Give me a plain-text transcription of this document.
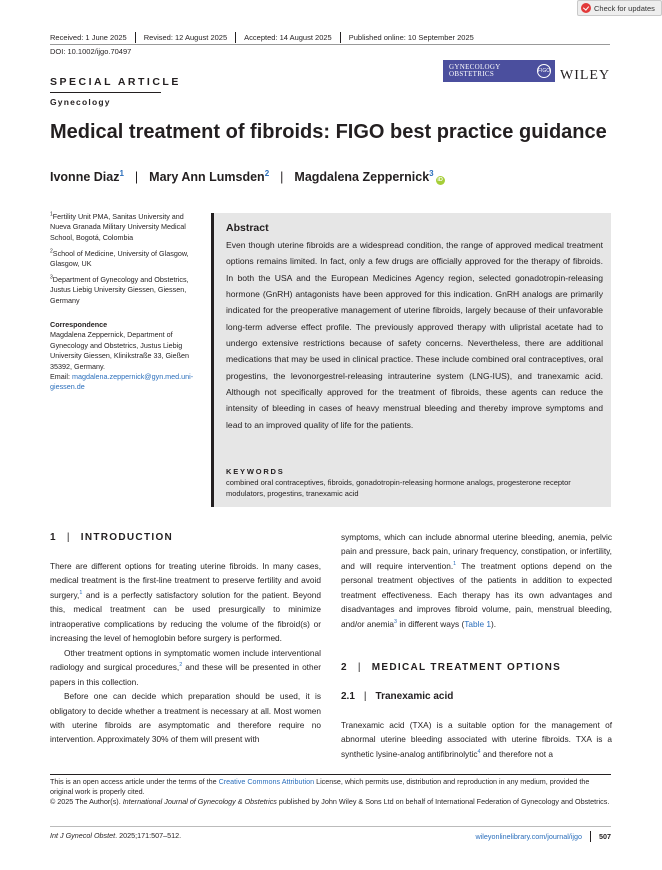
Check for updates
Received: 1 June 2025	Revised: 12 August 2025	Accepted: 14 August 2025	Published online: 10 September 2025
DOI: 10.1002/ijgo.70497
SPECIAL ARTICLE
Gynecology
GYNECOLOGY
OBSTETRICS	FIGO WILEY
Medical treatment of fibroids: FIGO best practice guidance
Ivonne Diaz$^1$ | Mary Ann Lumsden$^2$ | Magdalena Zeppernick$^3$
iD
$^1$Fertility Unit PMA, Sanitas University and Nueva Granada Military University Medical School, Bogotá, Colombia
$^2$School of Medicine, University of Glasgow, Glasgow, UK
$^3$Department of Gynecology and Obstetrics, Justus Liebig University Giessen, Giessen, Germany
Correspondence
Magdalena Zeppernick, Department of Gynecology and Obstetrics, Justus Liebig University Giessen, Klinikstraße 33, Gießen 35392, Germany.
Email: magdalena.zeppernick@gyn.med.uni-giessen.de
Abstract
Even though uterine fibroids are a widespread condition, the range of approved medical treatment options remains limited. In fact, only a few drugs are officially approved for the therapy of fibroids. In both the USA and the European Medicines Agency region, selected gonadotropin-releasing hormone (GnRH) antagonists have been approved for this indication. GnRH analogs are primarily indicated for the preoperative management of uterine fibroids, largely because of their unfavorable long-term adverse effect profile. The previously approved therapy with ulipristal acetate had to undergo extensive restrictions because of safety concerns. Nevertheless, there are additional medications that may be used in clinical practice. These include combined oral contraceptives, oral progestins, the levonorgestrel-releasing intrauterine system (LNG-IUS), and tranexamic acid. Although not specifically approved for the treatment of fibroids, these agents can reduce the intensity of bleeding in cases of heavy menstrual bleeding and thereby improve symptoms and lead to an improved quality of life for the patients.
KEYWORDS
combined oral contraceptives, fibroids, gonadotropin-releasing hormone analogs, progesterone receptor modulators, progestins, tranexamic acid
1 | INTRODUCTION

There are different options for treating uterine fibroids. In many cases, medical treatment is the first-line treatment to preserve fertility and avoid surgery,$^1$ and is a perfectly satisfactory solution for the patient. Beyond this, medical treatment can be used presurgically to minimize intraoperative complications by reducing the volume of the fibroid(s) or increasing the level of hemoglobin before surgery is performed.

Other treatment options in symptomatic women include interventional radiology and surgical procedures,$^2$ and these will be presented in other papers in this collection.

Before one can decide which preparation should be used, it is obligatory to decide whether a treatment is necessary at all. Most women with uterine fibroids are asymptomatic and therefore require no intervention. Approximately 30% of them will present with

symptoms, which can include abnormal uterine bleeding, anemia, pelvic pain and pressure, back pain, urinary frequency, constipation, or infertility, and will require intervention.$^1$ The treatment options depend on the personal treatment objectives of the patients in addition to expected treatment effectiveness. Each therapy has its own advantages and disadvantages and improves fibroid volume, pain, menstrual bleeding, and/or anemia$^3$ in different ways (Table 1).

2 | MEDICAL TREATMENT OPTIONS
2.1 | Tranexamic acid

Tranexamic acid (TXA) is a suitable option for the management of abnormal uterine bleeding associated with uterine fibroids. TXA is a synthetic lysine-analog antifibrinolytic$^4$ and therefore not a

This is an open access article under the terms of the Creative Commons Attribution License, which permits use, distribution and reproduction in any medium, provided the original work is properly cited.
© 2025 The Author(s). International Journal of Gynecology & Obstetrics published by John Wiley & Sons Ltd on behalf of International Federation of Gynecology and Obstetrics.
Int J Gynecol Obstet. 2025;171:507–512.	wileyonlinelibrary.com/journal/ijgo 507
